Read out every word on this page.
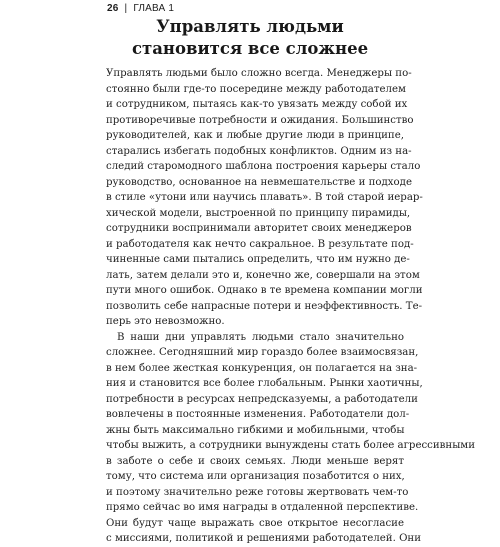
26 | ГЛАВА 1
Управлять людьми
становится все сложнее
Управлять людьми было сложно всегда. Менеджеры по-
стоянно были где-то посередине между работодателем
и сотрудником, пытаясь как-то увязать между собой их
противоречивые потребности и ожидания. Большинство
руководителей, как и любые другие люди в принципе,
старались избегать подобных конфликтов. Одним из на-
следий старомодного шаблона построения карьеры стало
руководство, основанное на невмешательстве и подходе
в стиле «утони или научись плавать». В той старой иерар-
хической модели, выстроенной по принципу пирамиды,
сотрудники воспринимали авторитет своих менеджеров
и работодателя как нечто сакральное. В результате под-
чиненные сами пытались определить, что им нужно де-
лать, затем делали это и, конечно же, совершали на этом
пути много ошибок. Однако в те времена компании могли
позволить себе напрасные потери и неэффективность. Те-
перь это невозможно.
В наши дни управлять людьми стало значительно
сложнее. Сегодняшний мир гораздо более взаимосвязан,
в нем более жесткая конкуренция, он полагается на зна-
ния и становится все более глобальным. Рынки хаотичны,
потребности в ресурсах непредсказуемы, а работодатели
вовлечены в постоянные изменения. Работодатели дол-
жны быть максимально гибкими и мобильными, чтобы
чтобы выжить, а сотрудники вынуждены стать более агрессивными
в заботе о себе и своих семьях. Люди меньше верят
тому, что система или организация позаботится о них,
и поэтому значительно реже готовы жертвовать чем-то
прямо сейчас во имя награды в отдаленной перспективе.
Они будут чаще выражать свое открытое несогласие
с миссиями, политикой и решениями работодателей. Они
